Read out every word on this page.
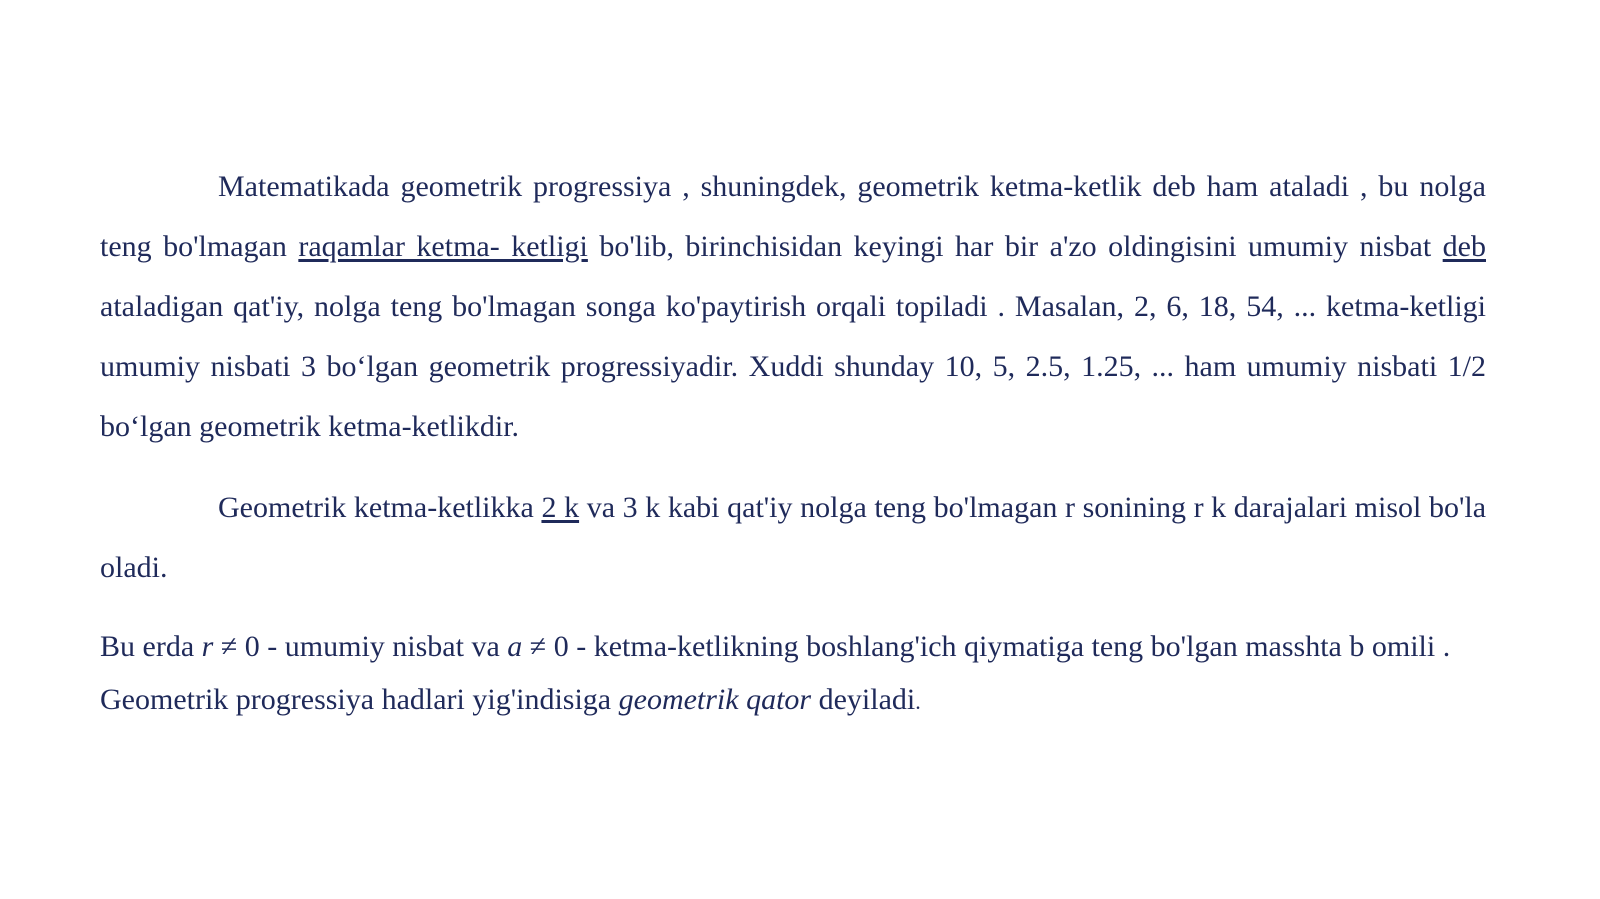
Matematikada geometrik progressiya , shuningdek, geometrik ketma-ketlik deb ham ataladi , bu nolga teng bo'lmagan raqamlar ketma- ketligi bo'lib, birinchisidan keyingi har bir a'zo oldingisini umumiy nisbat deb ataladigan qat'iy, nolga teng bo'lmagan songa ko'paytirish orqali topiladi . Masalan, 2, 6, 18, 54, ... ketma-ketligi umumiy nisbati 3 bo‘lgan geometrik progressiyadir. Xuddi shunday 10, 5, 2.5, 1.25, ... ham umumiy nisbati 1/2 bo‘lgan geometrik ketma-ketlikdir.

Geometrik ketma-ketlikka 2 k va 3 k kabi qat'iy nolga teng bo'lmagan r sonining r k darajalari misol bo'la oladi.

Bu erda r ≠ 0 - umumiy nisbat va a ≠ 0 - ketma-ketlikning boshlang'ich qiymatiga teng bo'lgan masshta b omili . Geometrik progressiya hadlari yig'indisiga geometrik qator deyiladi.
